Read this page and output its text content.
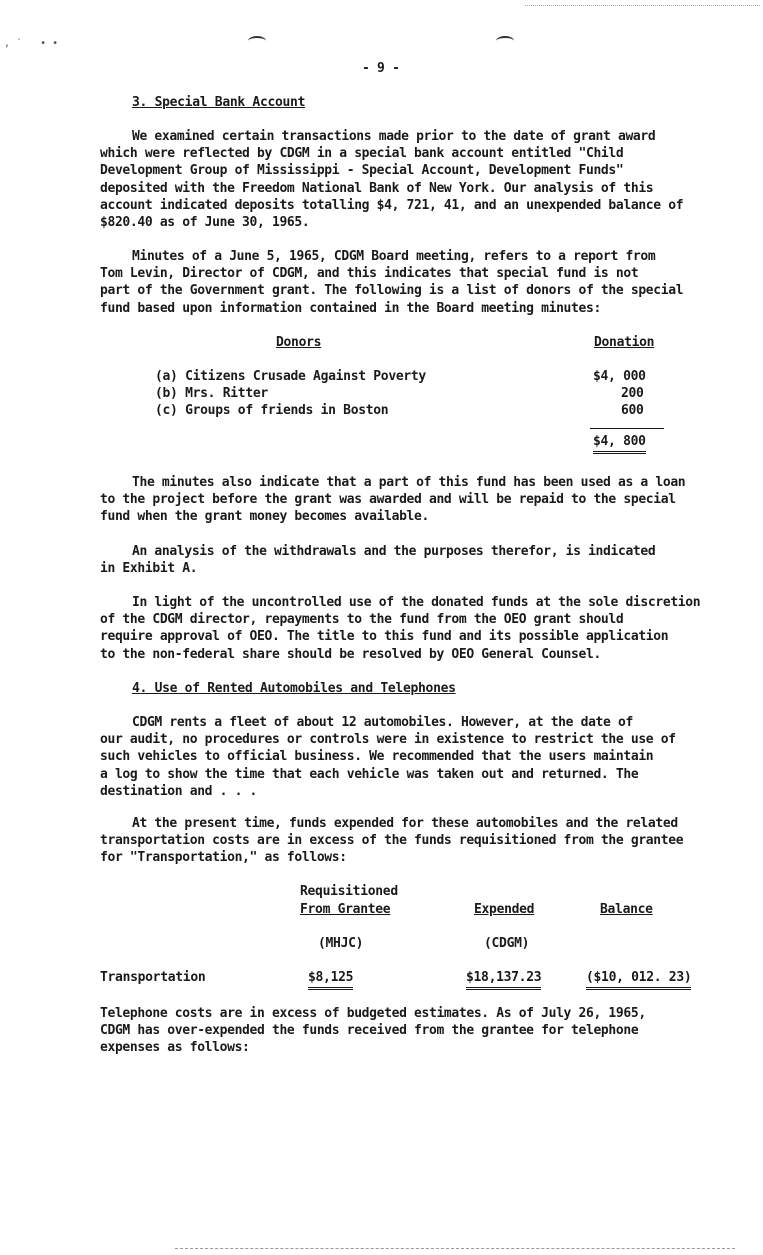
, ˊ   • •
- 9 -
3. Special Bank Account
We examined certain transactions made prior to the date of grant award
which were reflected by CDGM in a special bank account entitled "Child
Development Group of Mississippi - Special Account, Development Funds"
deposited with the Freedom National Bank of New York. Our analysis of this
account indicated deposits totalling $4, 721, 41, and an unexpended balance of
$820.40 as of June 30, 1965.
Minutes of a June 5, 1965, CDGM Board meeting, refers to a report from
Tom Levin, Director of CDGM, and this indicates that special fund is not
part of the Government grant. The following is a list of donors of the special
fund based upon information contained in the Board meeting minutes:
Donors	Donation
(a) Citizens Crusade Against Poverty	$4, 000
(b) Mrs. Ritter	200
(c) Groups of friends in Boston	600
$4, 800
The minutes also indicate that a part of this fund has been used as a loan
to the project before the grant was awarded and will be repaid to the special
fund when the grant money becomes available.
An analysis of the withdrawals and the purposes therefor, is indicated
in Exhibit A.
In light of the uncontrolled use of the donated funds at the sole discretion
of the CDGM director, repayments to the fund from the OEO grant should
require approval of OEO. The title to this fund and its possible application
to the non-federal share should be resolved by OEO General Counsel.
4. Use of Rented Automobiles and Telephones
CDGM rents a fleet of about 12 automobiles. However, at the date of
our audit, no procedures or controls were in existence to restrict the use of
such vehicles to official business. We recommended that the users maintain
a log to show the time that each vehicle was taken out and returned. The
destination and . . .
At the present time, funds expended for these automobiles and the related
transportation costs are in excess of the funds requisitioned from the grantee
for "Transportation," as follows:
Requisitioned
From Grantee	Expended	Balance
(MHJC)	(CDGM)
Transportation	$8,125	$18,137.23	($10, 012. 23)
Telephone costs are in excess of budgeted estimates. As of July 26, 1965,
CDGM has over-expended the funds received from the grantee for telephone
expenses as follows:
